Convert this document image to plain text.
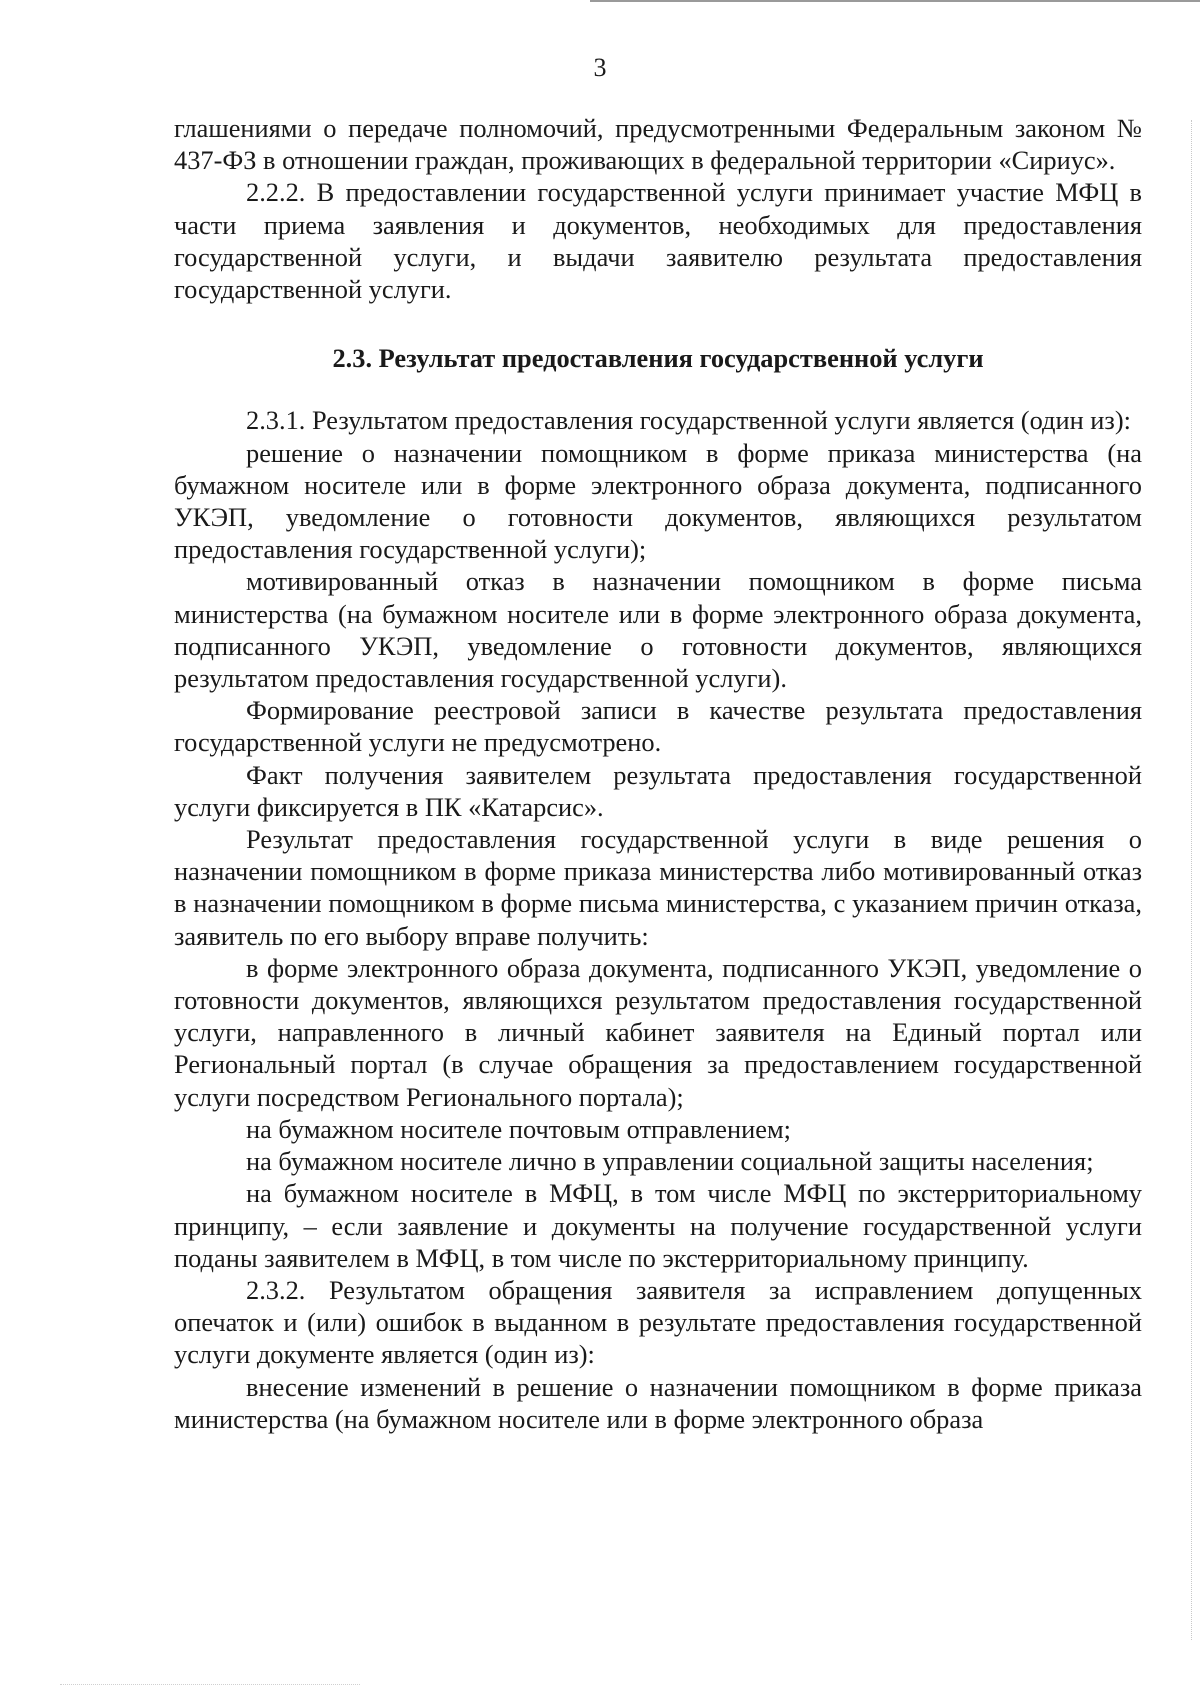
3

глашениями о передаче полномочий, предусмотренными Федеральным законом № 437-ФЗ в отношении граждан, проживающих в федеральной территории «Сириус».

2.2.2. В предоставлении государственной услуги принимает участие МФЦ в части приема заявления и документов, необходимых для предоставления государственной услуги, и выдачи заявителю результата предоставления государственной услуги.

2.3. Результат предоставления государственной услуги

2.3.1. Результатом предоставления государственной услуги является (один из):

решение о назначении помощником в форме приказа министерства (на бумажном носителе или в форме электронного образа документа, подписанного УКЭП, уведомление о готовности документов, являющихся результатом предоставления государственной услуги);

мотивированный отказ в назначении помощником в форме письма министерства (на бумажном носителе или в форме электронного образа документа, подписанного УКЭП, уведомление о готовности документов, являющихся результатом предоставления государственной услуги).

Формирование реестровой записи в качестве результата предоставления государственной услуги не предусмотрено.

Факт получения заявителем результата предоставления государственной услуги фиксируется в ПК «Катарсис».

Результат предоставления государственной услуги в виде решения о назначении помощником в форме приказа министерства либо мотивированный отказ в назначении помощником в форме письма министерства, с указанием причин отказа, заявитель по его выбору вправе получить:

в форме электронного образа документа, подписанного УКЭП, уведомление о готовности документов, являющихся результатом предоставления государственной услуги, направленного в личный кабинет заявителя на Единый портал или Региональный портал (в случае обращения за предоставлением государственной услуги посредством Регионального портала);

на бумажном носителе почтовым отправлением;

на бумажном носителе лично в управлении социальной защиты населения;

на бумажном носителе в МФЦ, в том числе МФЦ по экстерриториальному принципу, – если заявление и документы на получение государственной услуги поданы заявителем в МФЦ, в том числе по экстерриториальному принципу.

2.3.2. Результатом обращения заявителя за исправлением допущенных опечаток и (или) ошибок в выданном в результате предоставления государственной услуги документе является (один из):

внесение изменений в решение о назначении помощником в форме приказа министерства (на бумажном носителе или в форме электронного образа
